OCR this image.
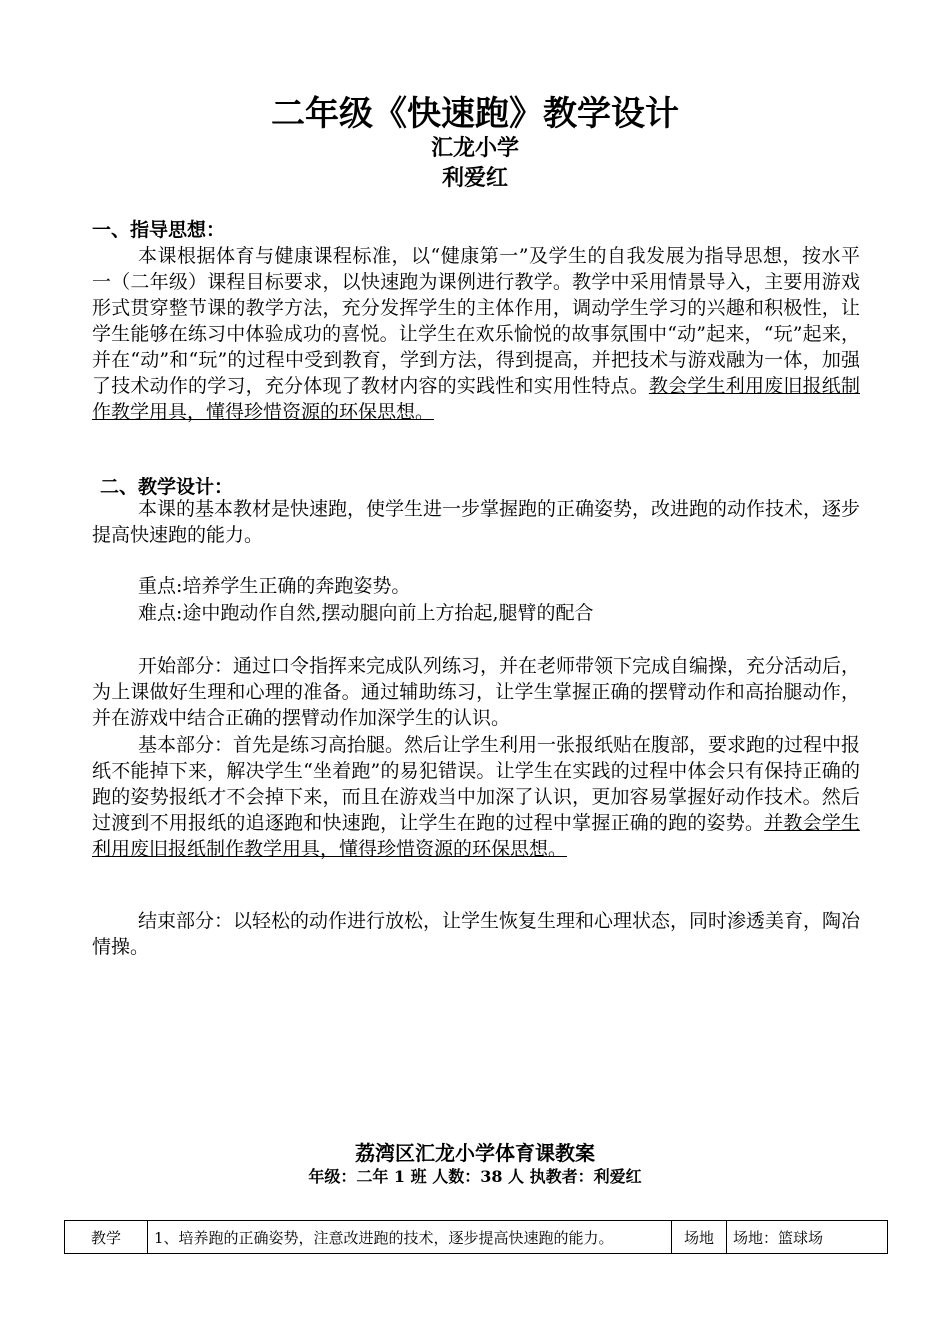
二年级《快速跑》教学设计
汇龙小学
利爱红
一、指导思想：
本课根据体育与健康课程标准，以“健康第一”及学生的自我发展为指导思想，按水平一（二年级）课程目标要求，以快速跑为课例进行教学。教学中采用情景导入，主要用游戏形式贯穿整节课的教学方法，充分发挥学生的主体作用，调动学生学习的兴趣和积极性，让学生能够在练习中体验成功的喜悦。让学生在欢乐愉悦的故事氛围中“动”起来，“玩”起来，并在“动”和“玩”的过程中受到教育，学到方法，得到提高，并把技术与游戏融为一体，加强了技术动作的学习，充分体现了教材内容的实践性和实用性特点。教会学生利用废旧报纸制作教学用具，懂得珍惜资源的环保思想。
二、教学设计：
本课的基本教材是快速跑，使学生进一步掌握跑的正确姿势，改进跑的动作技术，逐步提高快速跑的能力。
重点:培养学生正确的奔跑姿势。
难点:途中跑动作自然,摆动腿向前上方抬起,腿臂的配合
开始部分：通过口令指挥来完成队列练习，并在老师带领下完成自编操，充分活动后，为上课做好生理和心理的准备。通过辅助练习，让学生掌握正确的摆臂动作和高抬腿动作，并在游戏中结合正确的摆臂动作加深学生的认识。
基本部分：首先是练习高抬腿。然后让学生利用一张报纸贴在腹部，要求跑的过程中报纸不能掉下来，解决学生“坐着跑”的易犯错误。让学生在实践的过程中体会只有保持正确的跑的姿势报纸才不会掉下来，而且在游戏当中加深了认识，更加容易掌握好动作技术。然后过渡到不用报纸的追逐跑和快速跑，让学生在跑的过程中掌握正确的跑的姿势。并教会学生利用废旧报纸制作教学用具，懂得珍惜资源的环保思想。
结束部分：以轻松的动作进行放松，让学生恢复生理和心理状态，同时渗透美育，陶冶情操。
荔湾区汇龙小学体育课教案
年级：二年 1 班 人数：38 人 执教者：利爱红
教学	1、培养跑的正确姿势，注意改进跑的技术，逐步提高快速跑的能力。	场地	场地：篮球场
